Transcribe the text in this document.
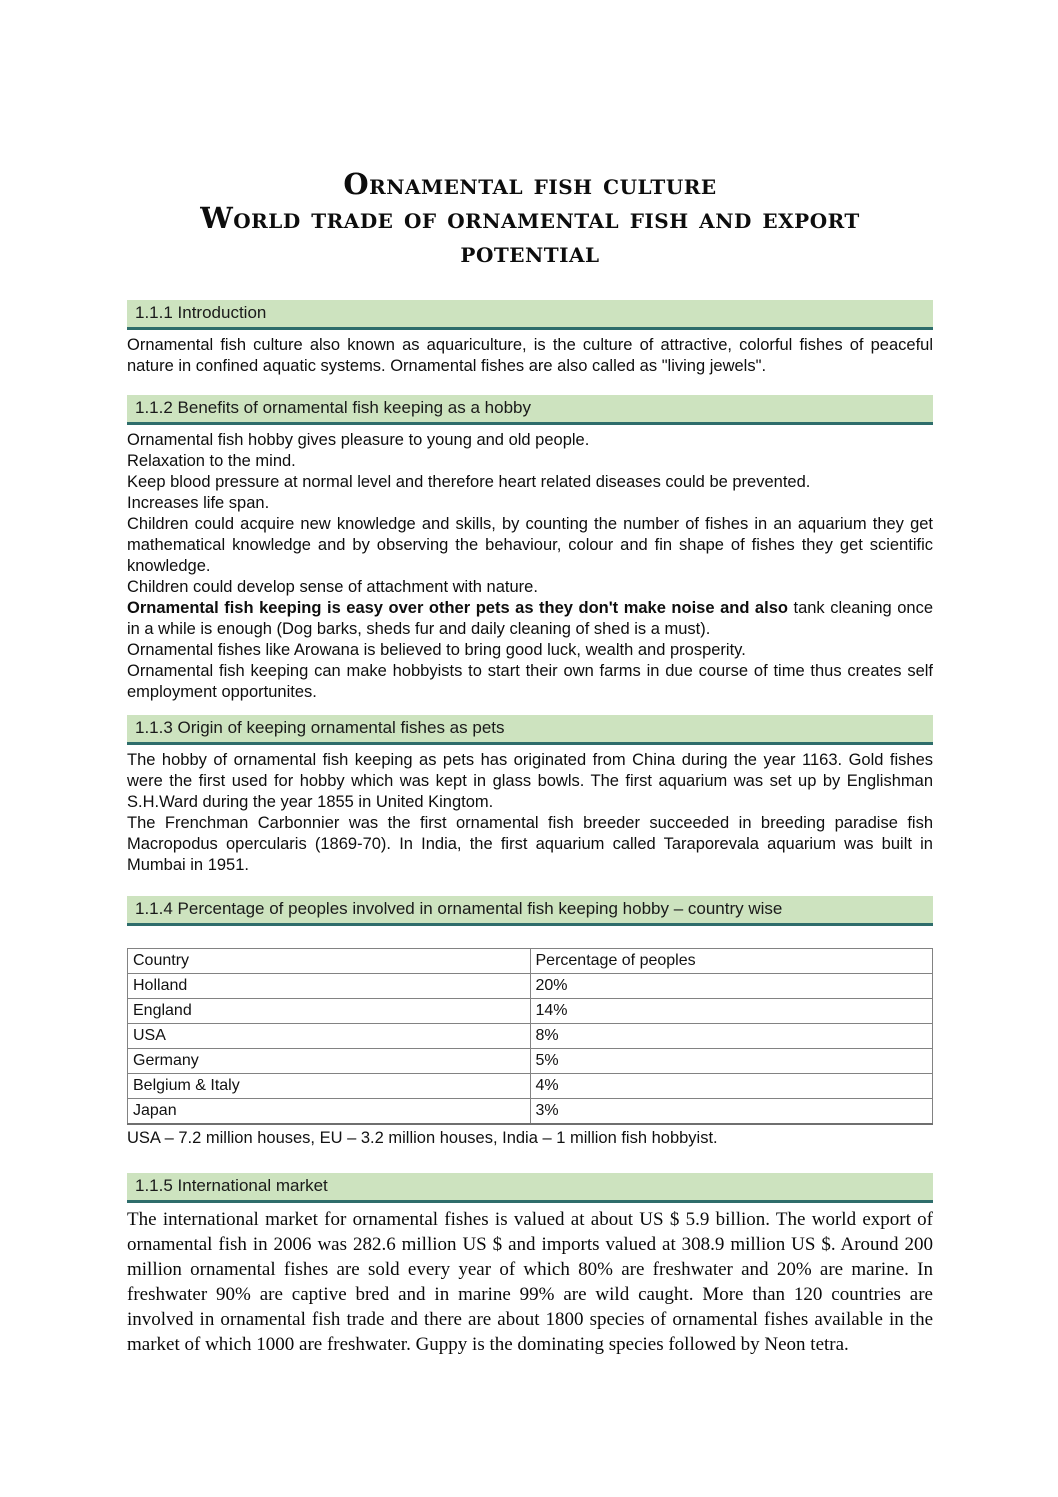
Ornamental fish culture
World trade of ornamental fish and export
potential
1.1.1 Introduction

Ornamental fish culture also known as aquariculture, is the culture of attractive, colorful fishes of peaceful nature in confined aquatic systems. Ornamental fishes are also called as "living jewels".

1.1.2 Benefits of ornamental fish keeping as a hobby

Ornamental fish hobby gives pleasure to young and old people.

Relaxation to the mind.

Keep blood pressure at normal level and therefore heart related diseases could be prevented.

Increases life span.

Children could acquire new knowledge and skills, by counting the number of fishes in an aquarium they get mathematical knowledge and by observing the behaviour, colour and fin shape of fishes they get scientific knowledge.

Children could develop sense of attachment with nature.

Ornamental fish keeping is easy over other pets as they don't make noise and also tank cleaning once in a while is enough (Dog barks, sheds fur and daily cleaning of shed is a must).

Ornamental fishes like Arowana is believed to bring good luck, wealth and prosperity.

Ornamental fish keeping can make hobbyists to start their own farms in due course of time thus creates self employment opportunites.

1.1.3 Origin of keeping ornamental fishes as pets

The hobby of ornamental fish keeping as pets has originated from China during the year 1163. Gold fishes were the first used for hobby which was kept in glass bowls. The first aquarium was set up by Englishman S.H.Ward during the year 1855 in United Kingtom.

The Frenchman Carbonnier was the first ornamental fish breeder succeeded in breeding paradise fish Macropodus opercularis (1869-70). In India, the first aquarium called Taraporevala aquarium was built in Mumbai in 1951.

1.1.4 Percentage of peoples involved in ornamental fish keeping hobby – country wise
Country	Percentage of peoples
Holland	20%
England	14%
USA	8%
Germany	5%
Belgium & Italy	4%
Japan	3%

USA – 7.2 million houses, EU – 3.2 million houses, India – 1 million fish hobbyist.

1.1.5 International market

The international market for ornamental fishes is valued at about US $ 5.9 billion. The world export of ornamental fish in 2006 was 282.6 million US $ and imports valued at 308.9 million US $. Around 200 million ornamental fishes are sold every year of which 80% are freshwater and 20% are marine. In freshwater 90% are captive bred and in marine 99% are wild caught. More than 120 countries are involved in ornamental fish trade and there are about 1800 species of ornamental fishes available in the market of which 1000 are freshwater. Guppy is the dominating species followed by Neon tetra.
